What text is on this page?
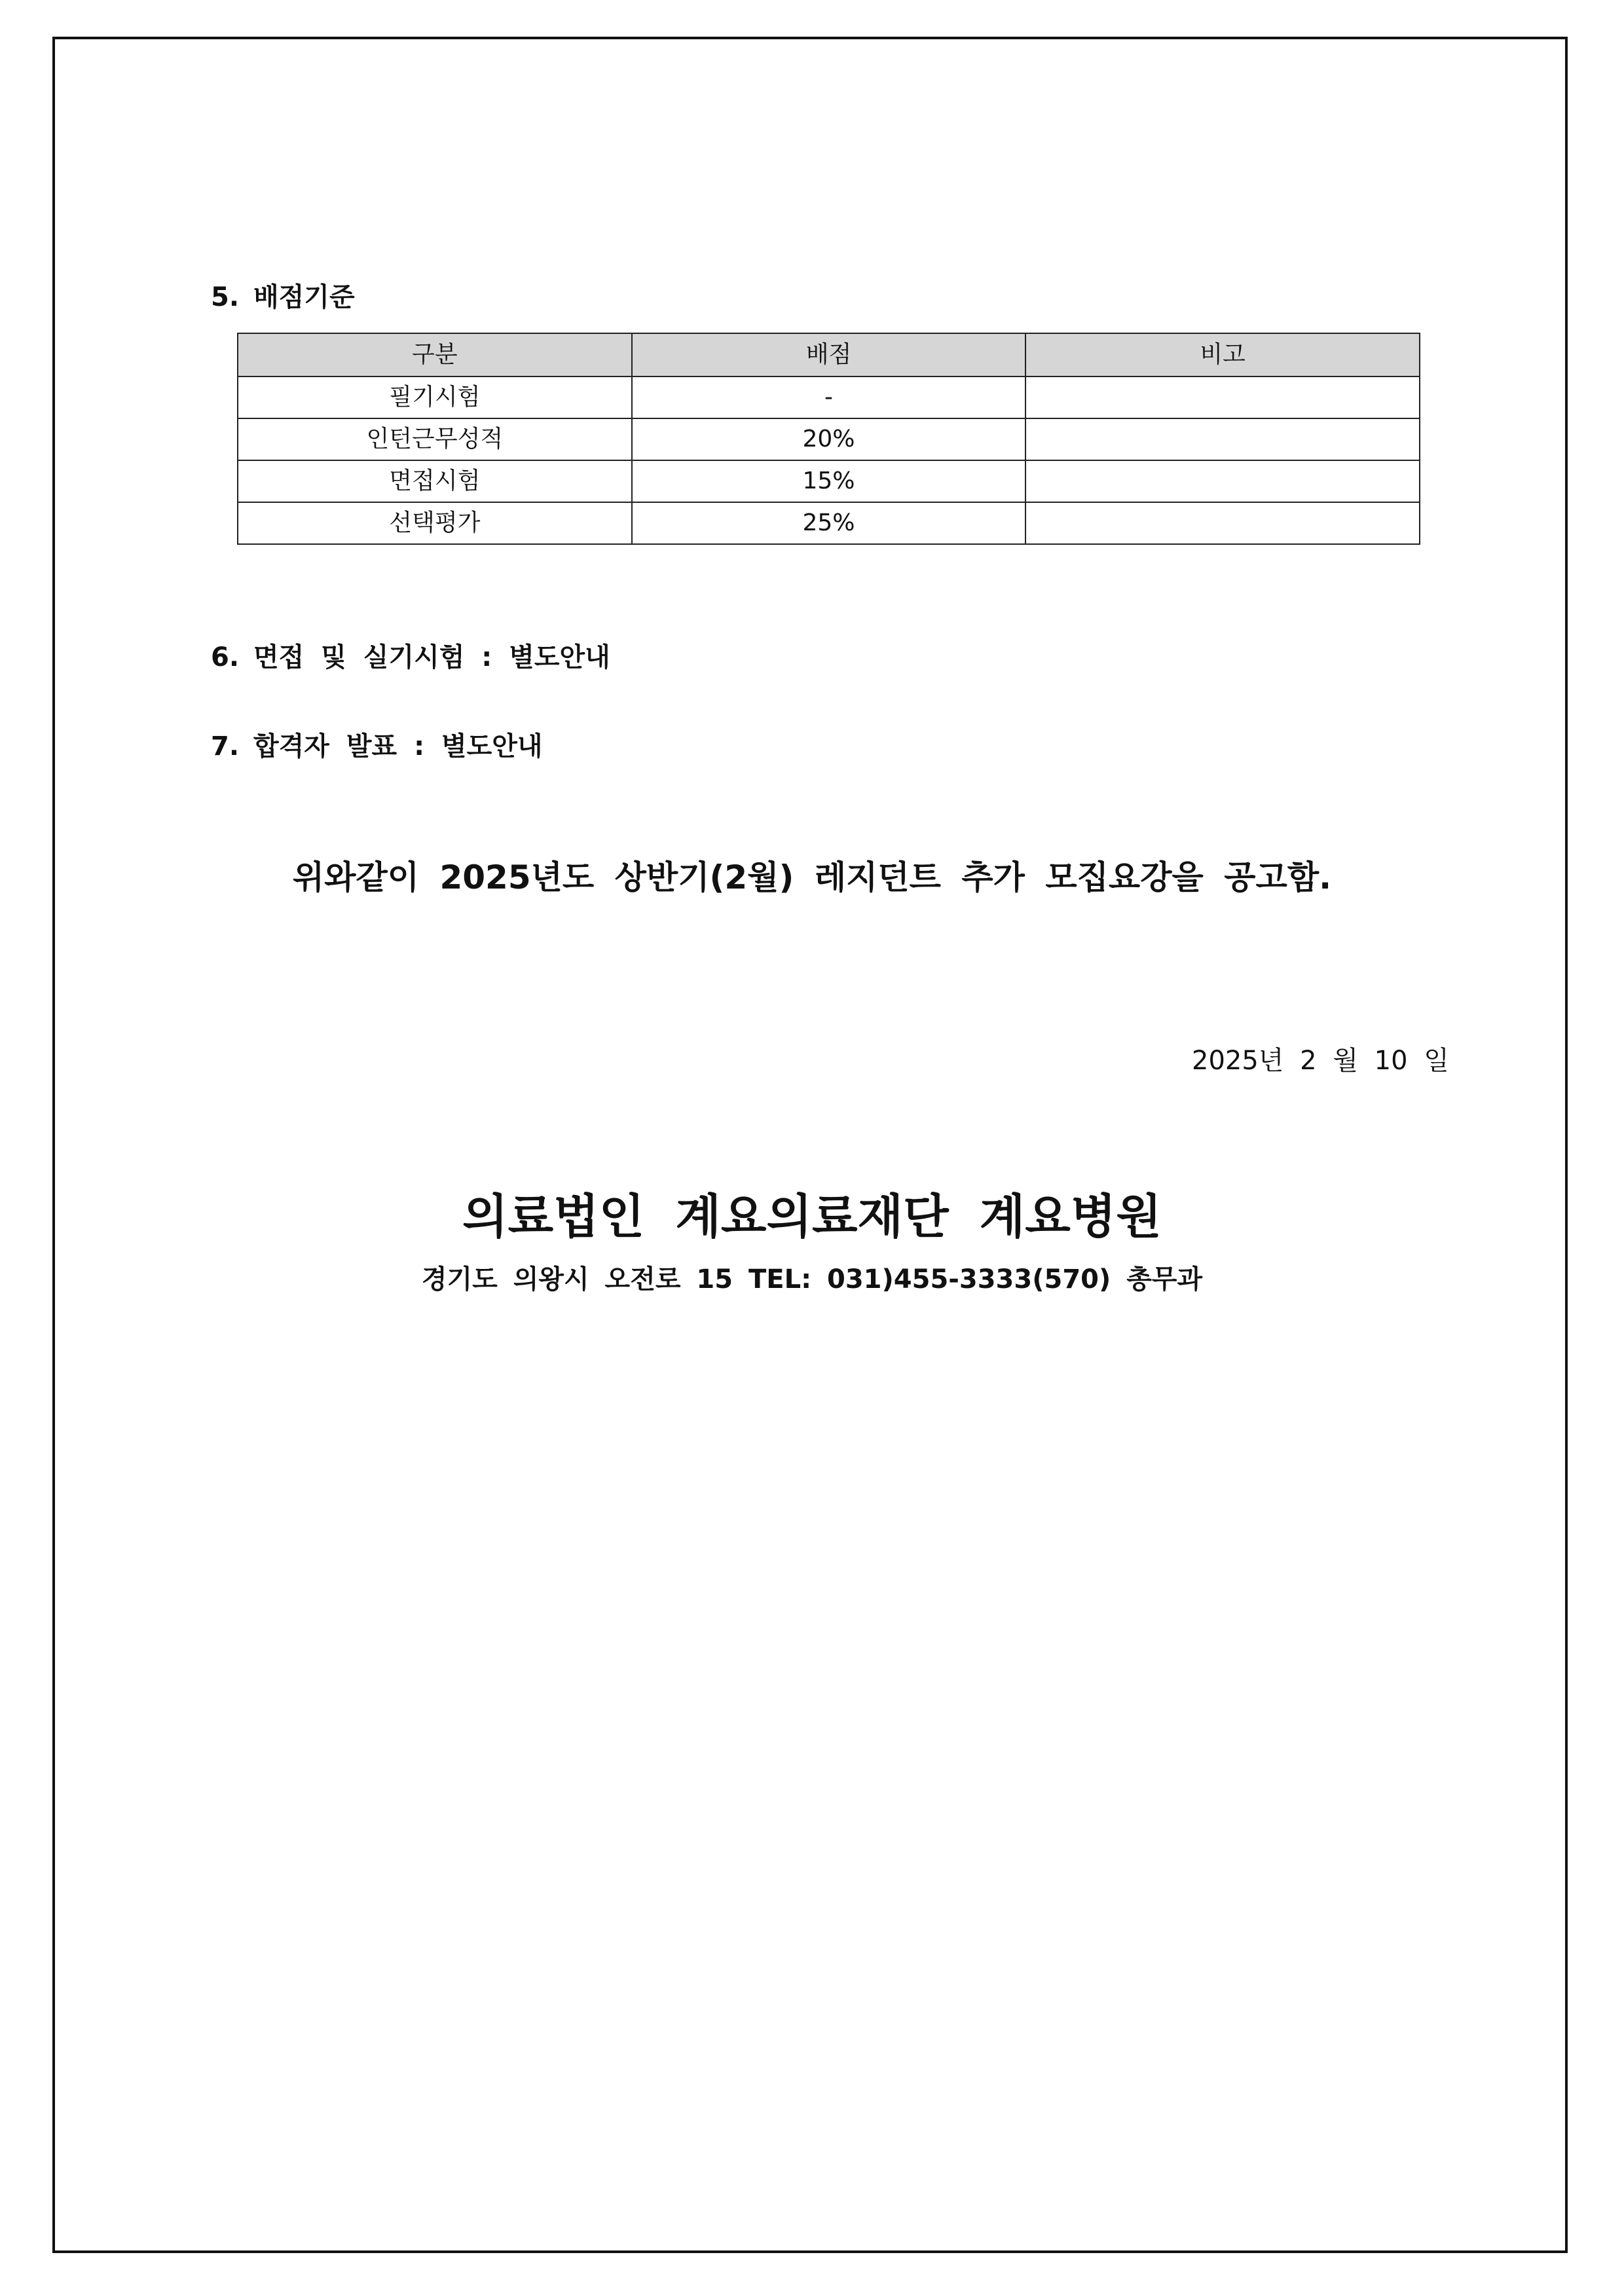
5. 배점기준
구분	배점	비고
필기시험	-	
인턴근무성적	20%	
면접시험	15%	
선택평가	25%	
6. 면접 및 실기시험 : 별도안내
7. 합격자 발표 : 별도안내
위와같이 2025년도 상반기(2월) 레지던트 추가 모집요강을 공고함.
2025년 2 월 10 일
의료법인 계요의료재단 계요병원
경기도 의왕시 오전로 15 TEL: 031)455-3333(570) 총무과
